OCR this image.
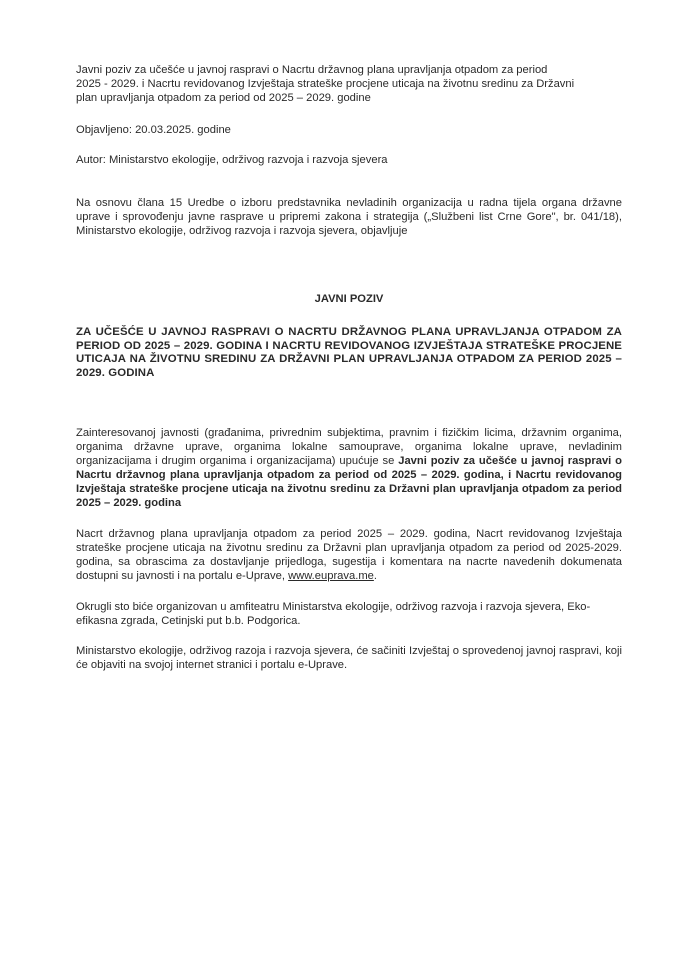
Javni poziv za učešće u javnoj raspravi o Nacrtu državnog plana upravljanja otpadom za period
2025 - 2029. i Nacrtu revidovanog Izvještaja strateške procjene uticaja na životnu sredinu za Državni
plan upravljanja otpadom za period od 2025 – 2029. godine

Objavljeno: 20.03.2025. godine

Autor: Ministarstvo ekologije, održivog razvoja i razvoja sjevera

Na osnovu člana 15 Uredbe o izboru predstavnika nevladinih organizacija u radna tijela organa državne uprave i sprovođenju javne rasprave u pripremi zakona i strategija („Službeni list Crne Gore", br. 041/18), Ministarstvo ekologije, održivog razvoja i razvoja sjevera, objavljuje

JAVNI POZIV

ZA UČEŠĆE U JAVNOJ RASPRAVI O NACRTU DRŽAVNOG PLANA UPRAVLJANJA OTPADOM ZA PERIOD OD 2025 – 2029. GODINA I NACRTU REVIDOVANOG IZVJEŠTAJA STRATEŠKE PROCJENE UTICAJA NA ŽIVOTNU SREDINU ZA DRŽAVNI PLAN UPRAVLJANJA OTPADOM ZA PERIOD 2025 – 2029. GODINA

Zainteresovanoj javnosti (građanima, privrednim subjektima, pravnim i fizičkim licima, državnim organima, organima državne uprave, organima lokalne samouprave, organima lokalne uprave, nevladinim organizacijama i drugim organima i organizacijama) upućuje se Javni poziv za učešće u javnoj raspravi o Nacrtu državnog plana upravljanja otpadom za period od 2025 – 2029. godina, i Nacrtu revidovanog Izvještaja strateške procjene uticaja na životnu sredinu za Državni plan upravljanja otpadom za period 2025 – 2029. godina

Nacrt državnog plana upravljanja otpadom za period 2025 – 2029. godina, Nacrt revidovanog Izvještaja strateške procjene uticaja na životnu sredinu za Državni plan upravljanja otpadom za period od 2025-2029. godina, sa obrascima za dostavljanje prijedloga, sugestija i komentara na nacrte navedenih dokumenata dostupni su javnosti i na portalu e-Uprave, www.euprava.me.

Okrugli sto biće organizovan u amfiteatru Ministarstva ekologije, održivog razvoja i razvoja sjevera, Eko-efikasna zgrada, Cetinjski put b.b. Podgorica.

Ministarstvo ekologije, održivog razoja i razvoja sjevera, će sačiniti Izvještaj o sprovedenoj javnoj raspravi, koji će objaviti na svojoj internet stranici i portalu e-Uprave.
